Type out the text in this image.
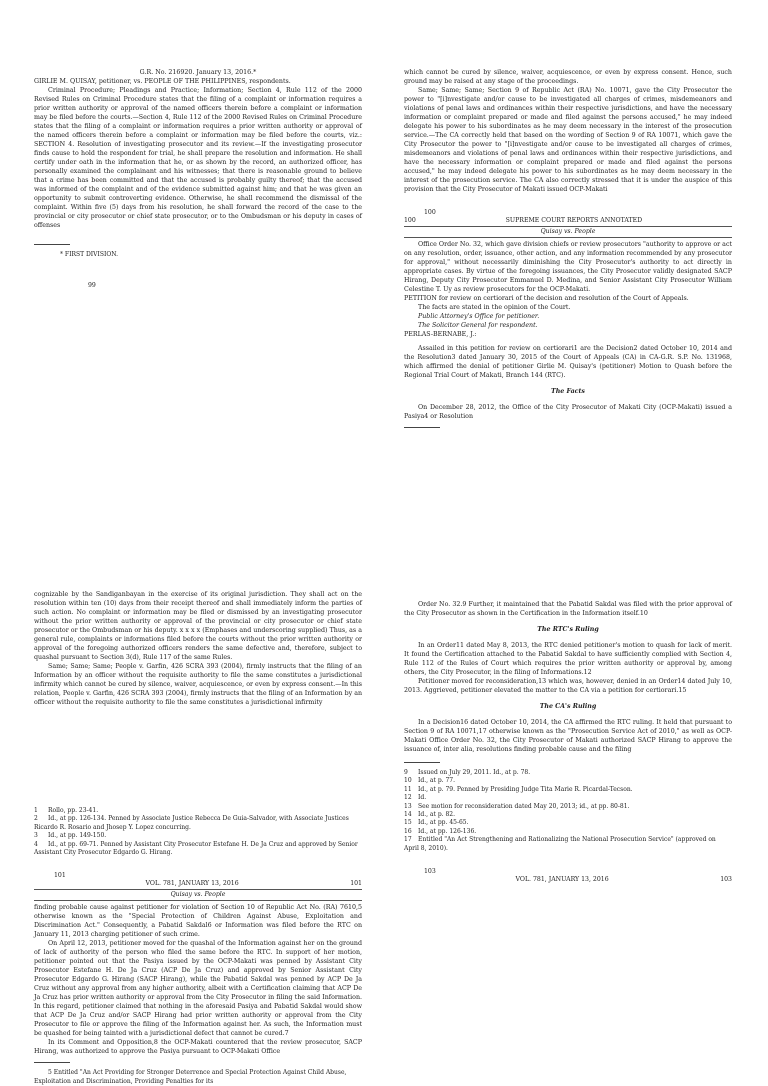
G.R. No. 216920. January 13, 2016.*

GIRLIE M. QUISAY, petitioner, vs. PEOPLE OF THE PHILIPPINES, respondents.

Criminal Procedure; Pleadings and Practice; Information; Section 4, Rule 112 of the 2000 Revised Rules on Criminal Procedure states that the filing of a complaint or information requires a prior written authority or approval of the named officers therein before a complaint or information may be filed before the courts.—Section 4, Rule 112 of the 2000 Revised Rules on Criminal Procedure states that the filing of a complaint or information requires a prior written authority or approval of the named officers therein before a complaint or information may be filed before the courts, viz.: SECTION 4. Resolution of investigating prosecutor and its review.—If the investigating prosecutor finds cause to hold the respondent for trial, he shall prepare the resolution and information. He shall certify under oath in the information that he, or as shown by the record, an authorized officer, has personally examined the complainant and his witnesses; that there is reasonable ground to believe that a crime has been committed and that the accused is probably guilty thereof; that the accused was informed of the complaint and of the evidence submitted against him; and that he was given an opportunity to submit controverting evidence. Otherwise, he shall recommend the dismissal of the complaint. Within five (5) days from his resolution, he shall forward the record of the case to the provincial or city prosecutor or chief state prosecutor, or to the Ombudsman or his deputy in cases of offenses

* FIRST DIVISION.

99

which cannot be cured by silence, waiver, acquiescence, or even by express consent. Hence, such ground may be raised at any stage of the proceedings.

Same; Same; Same; Section 9 of Republic Act (RA) No. 10071, gave the City Prosecutor the power to "[i]nvestigate and/or cause to be investigated all charges of crimes, misdemeanors and violations of penal laws and ordinances within their respective jurisdictions, and have the necessary information or complaint prepared or made and filed against the persons accused," he may indeed delegate his power to his subordinates as he may deem necessary in the interest of the prosecution service.—The CA correctly held that based on the wording of Section 9 of RA 10071, which gave the City Prosecutor the power to "[i]nvestigate and/or cause to be investigated all charges of crimes, misdemeanors and violations of penal laws and ordinances within their respective jurisdictions, and have the necessary information or complaint prepared or made and filed against the persons accused," he may indeed delegate his power to his subordinates as he may deem necessary in the interest of the prosecution service. The CA also correctly stressed that it is under the auspice of this provision that the City Prosecutor of Makati issued OCP-Makati

100

100	SUPREME COURT REPORTS ANNOTATED
Quisay vs. People

Office Order No. 32, which gave division chiefs or review prosecutors "authority to approve or act on any resolution, order, issuance, other action, and any information recommended by any prosecutor for approval," without necessarily diminishing the City Prosecutor's authority to act directly in appropriate cases. By virtue of the foregoing issuances, the City Prosecutor validly designated SACP Hirang, Deputy City Prosecutor Emmanuel D. Medina, and Senior Assistant City Prosecutor William Celestine T. Uy as review prosecutors for the OCP-Makati.

PETITION for review on certiorari of the decision and resolution of the Court of Appeals.

The facts are stated in the opinion of the Court.

Public Attorney's Office for petitioner.

The Solicitor General for respondent.

PERLAS-BERNABE, J.:

Assailed in this petition for review on certiorari1 are the Decision2 dated October 10, 2014 and the Resolution3 dated January 30, 2015 of the Court of Appeals (CA) in CA-G.R. S.P. No. 131968, which affirmed the denial of petitioner Girlie M. Quisay's (petitioner) Motion to Quash before the Regional Trial Court of Makati, Branch 144 (RTC).

The Facts

On December 28, 2012, the Office of the City Prosecutor of Makati City (OCP-Makati) issued a Pasiya4 or Resolution

cognizable by the Sandiganbayan in the exercise of its original jurisdiction. They shall act on the resolution within ten (10) days from their receipt thereof and shall immediately inform the parties of such action. No complaint or information may be filed or dismissed by an investigating prosecutor without the prior written authority or approval of the provincial or city prosecutor or chief state prosecutor or the Ombudsman or his deputy. x x x x (Emphases and underscoring supplied) Thus, as a general rule, complaints or informations filed before the courts without the prior written authority or approval of the foregoing authorized officers renders the same defective and, therefore, subject to quashal pursuant to Section 3(d), Rule 117 of the same Rules.

Same; Same; Same; People v. Garfin, 426 SCRA 393 (2004), firmly instructs that the filing of an Information by an officer without the requisite authority to file the same constitutes a jurisdictional infirmity which cannot be cured by silence, waiver, acquiescence, or even by express consent.—In this relation, People v. Garfin, 426 SCRA 393 (2004), firmly instructs that the filing of an Information by an officer without the requisite authority to file the same constitutes a jurisdictional infirmity

1 Rollo, pp. 23-41.

2 Id., at pp. 126-134. Penned by Associate Justice Rebecca De Guia-Salvador, with Associate Justices Ricardo R. Rosario and Jhosep Y. Lopez concurring.

3 Id., at pp. 149-150.

4 Id., at pp. 69-71. Penned by Assistant City Prosecutor Estefane H. De Ja Cruz and approved by Senior Assistant City Prosecutor Edgardo G. Hirang.

101

VOL. 781, JANUARY 13, 2016	101
Quisay vs. People

finding probable cause against petitioner for violation of Section 10 of Republic Act No. (RA) 7610,5 otherwise known as the "Special Protection of Children Against Abuse, Exploitation and Discrimination Act." Consequently, a Pabatid Sakdal6 or Information was filed before the RTC on January 11, 2013 charging petitioner of such crime.

On April 12, 2013, petitioner moved for the quashal of the Information against her on the ground of lack of authority of the person who filed the same before the RTC. In support of her motion, petitioner pointed out that the Pasiya issued by the OCP-Makati was penned by Assistant City Prosecutor Estefane H. De Ja Cruz (ACP De Ja Cruz) and approved by Senior Assistant City Prosecutor Edgardo G. Hirang (SACP Hirang), while the Pabatid Sakdal was penned by ACP De Ja Cruz without any approval from any higher authority, albeit with a Certification claiming that ACP De Ja Cruz has prior written authority or approval from the City Prosecutor in filing the said Information. In this regard, petitioner claimed that nothing in the aforesaid Pasiya and Pabatid Sakdal would show that ACP De Ja Cruz and/or SACP Hirang had prior written authority or approval from the City Prosecutor to file or approve the filing of the Information against her. As such, the Information must be quashed for being tainted with a jurisdictional defect that cannot be cured.7

In its Comment and Opposition,8 the OCP-Makati countered that the review prosecutor, SACP Hirang, was authorized to approve the Pasiya pursuant to OCP-Makati Office

5 Entitled "An Act Providing for Stronger Deterrence and Special Protection Against Child Abuse, Exploitation and Discrimination, Providing Penalties for its

Order No. 32.9 Further, it maintained that the Pabatid Sakdal was filed with the prior approval of the City Prosecutor as shown in the Certification in the Information itself.10

The RTC's Ruling

In an Order11 dated May 8, 2013, the RTC denied petitioner's motion to quash for lack of merit. It found the Certification attached to the Pabatid Sakdal to have sufficiently complied with Section 4, Rule 112 of the Rules of Court which requires the prior written authority or approval by, among others, the City Prosecutor, in the filing of Informations.12

Petitioner moved for reconsideration,13 which was, however, denied in an Order14 dated July 10, 2013. Aggrieved, petitioner elevated the matter to the CA via a petition for certiorari.15

The CA's Ruling

In a Decision16 dated October 10, 2014, the CA affirmed the RTC ruling. It held that pursuant to Section 9 of RA 10071,17 otherwise known as the "Prosecution Service Act of 2010," as well as OCP-Makati Office Order No. 32, the City Prosecutor of Makati authorized SACP Hirang to approve the issuance of, inter alia, resolutions finding probable cause and the filing

9 Issued on July 29, 2011. Id., at p. 78.

10 Id., at p. 77.

11 Id., at p. 79. Penned by Presiding Judge Tita Marie R. Picardal-Tecson.

12 Id.

13 See motion for reconsideration dated May 20, 2013; id., at pp. 80-81.

14 Id., at p. 82.

15 Id., at pp. 45-65.

16 Id., at pp. 126-136.

17 Entitled "An Act Strengthening and Rationalizing the National Prosecution Service" (approved on April 8, 2010).

103

VOL. 781, JANUARY 13, 2016	103
